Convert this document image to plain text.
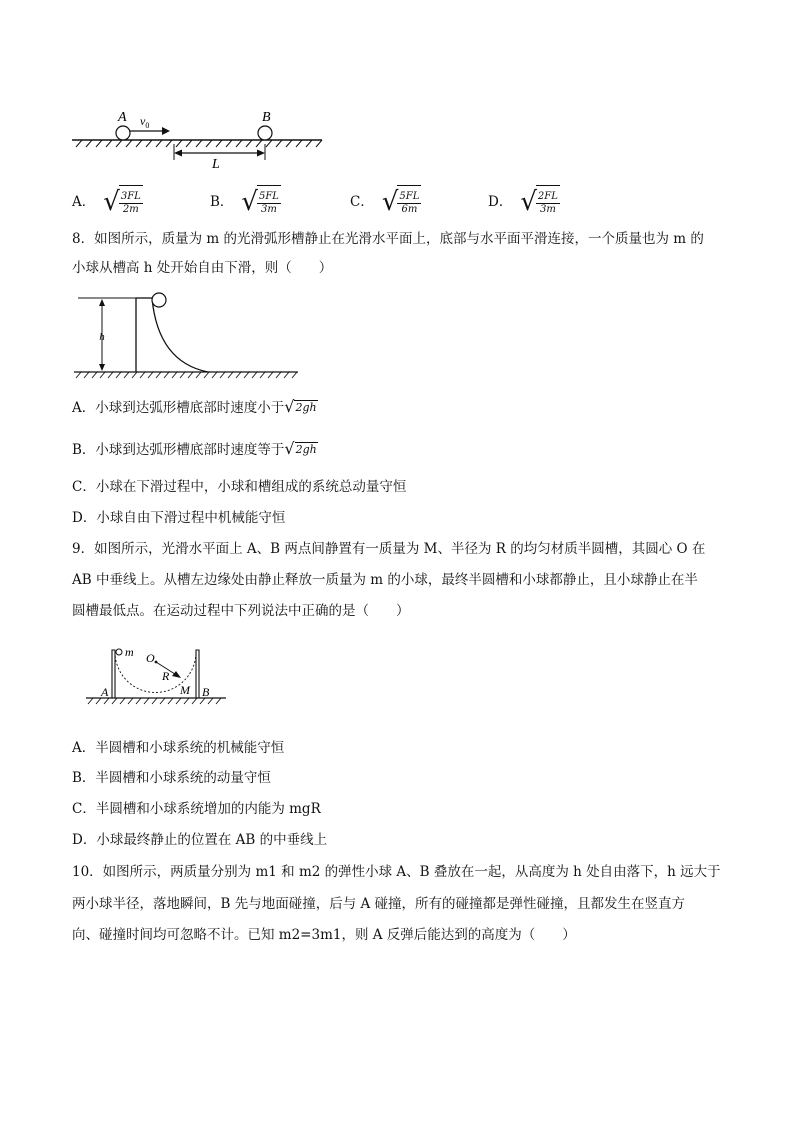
A $v_0$
B
L
A． √ $\frac{3FL}{2m}$	B． √ $\frac{5FL}{3m}$	C． √ $\frac{5FL}{6m}$	D． √ $\frac{2FL}{3m}$
8．如图所示，质量为 m 的光滑弧形槽静止在光滑水平面上，底部与水平面平滑连接，一个质量也为 m 的
小球从槽高 h 处开始自由下滑，则（　　）
h
A．小球到达弧形槽底部时速度小于 √ 2gh
B．小球到达弧形槽底部时速度等于 √ 2gh
C．小球在下滑过程中，小球和槽组成的系统总动量守恒
D．小球自由下滑过程中机械能守恒
9．如图所示，光滑水平面上 A、B 两点间静置有一质量为 M、半径为 R 的均匀材质半圆槽，其圆心 O 在
AB 中垂线上。从槽左边缘处由静止释放一质量为 m 的小球，最终半圆槽和小球都静止，且小球静止在半
圆槽最低点。在运动过程中下列说法中正确的是（　　）
m O
R
A	M B
A．半圆槽和小球系统的机械能守恒
B．半圆槽和小球系统的动量守恒
C．半圆槽和小球系统增加的内能为 mgR
D．小球最终静止的位置在 AB 的中垂线上
10．如图所示，两质量分别为 m1 和 m2 的弹性小球 A、B 叠放在一起，从高度为 h 处自由落下，h 远大于
两小球半径，落地瞬间，B 先与地面碰撞，后与 A 碰撞，所有的碰撞都是弹性碰撞，且都发生在竖直方
向、碰撞时间均可忽略不计。已知 m2=3m1，则 A 反弹后能达到的高度为（　　）
